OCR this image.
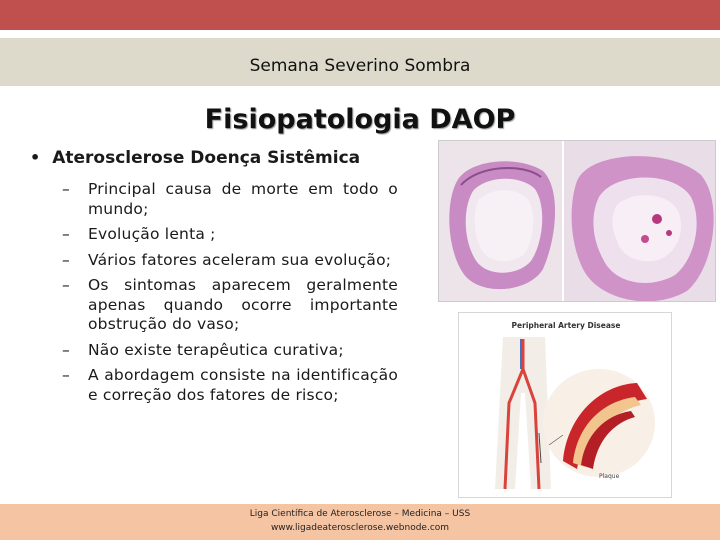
Semana Severino Sombra
Fisiopatologia DAOP
• Aterosclerose Doença Sistêmica
–	Principal causa de morte em todo o mundo;
–	Evolução lenta ;
–	Vários fatores aceleram sua evolução;
–	Os sintomas aparecem geralmente apenas quando ocorre importante obstrução do vaso;
–	Não existe terapêutica curativa;
–	A abordagem consiste na identificação e correção dos fatores de risco;
Peripheral Artery Disease
Plaque
Liga Científica de Aterosclerose – Medicina – USS
www.ligadeaterosclerose.webnode.com
